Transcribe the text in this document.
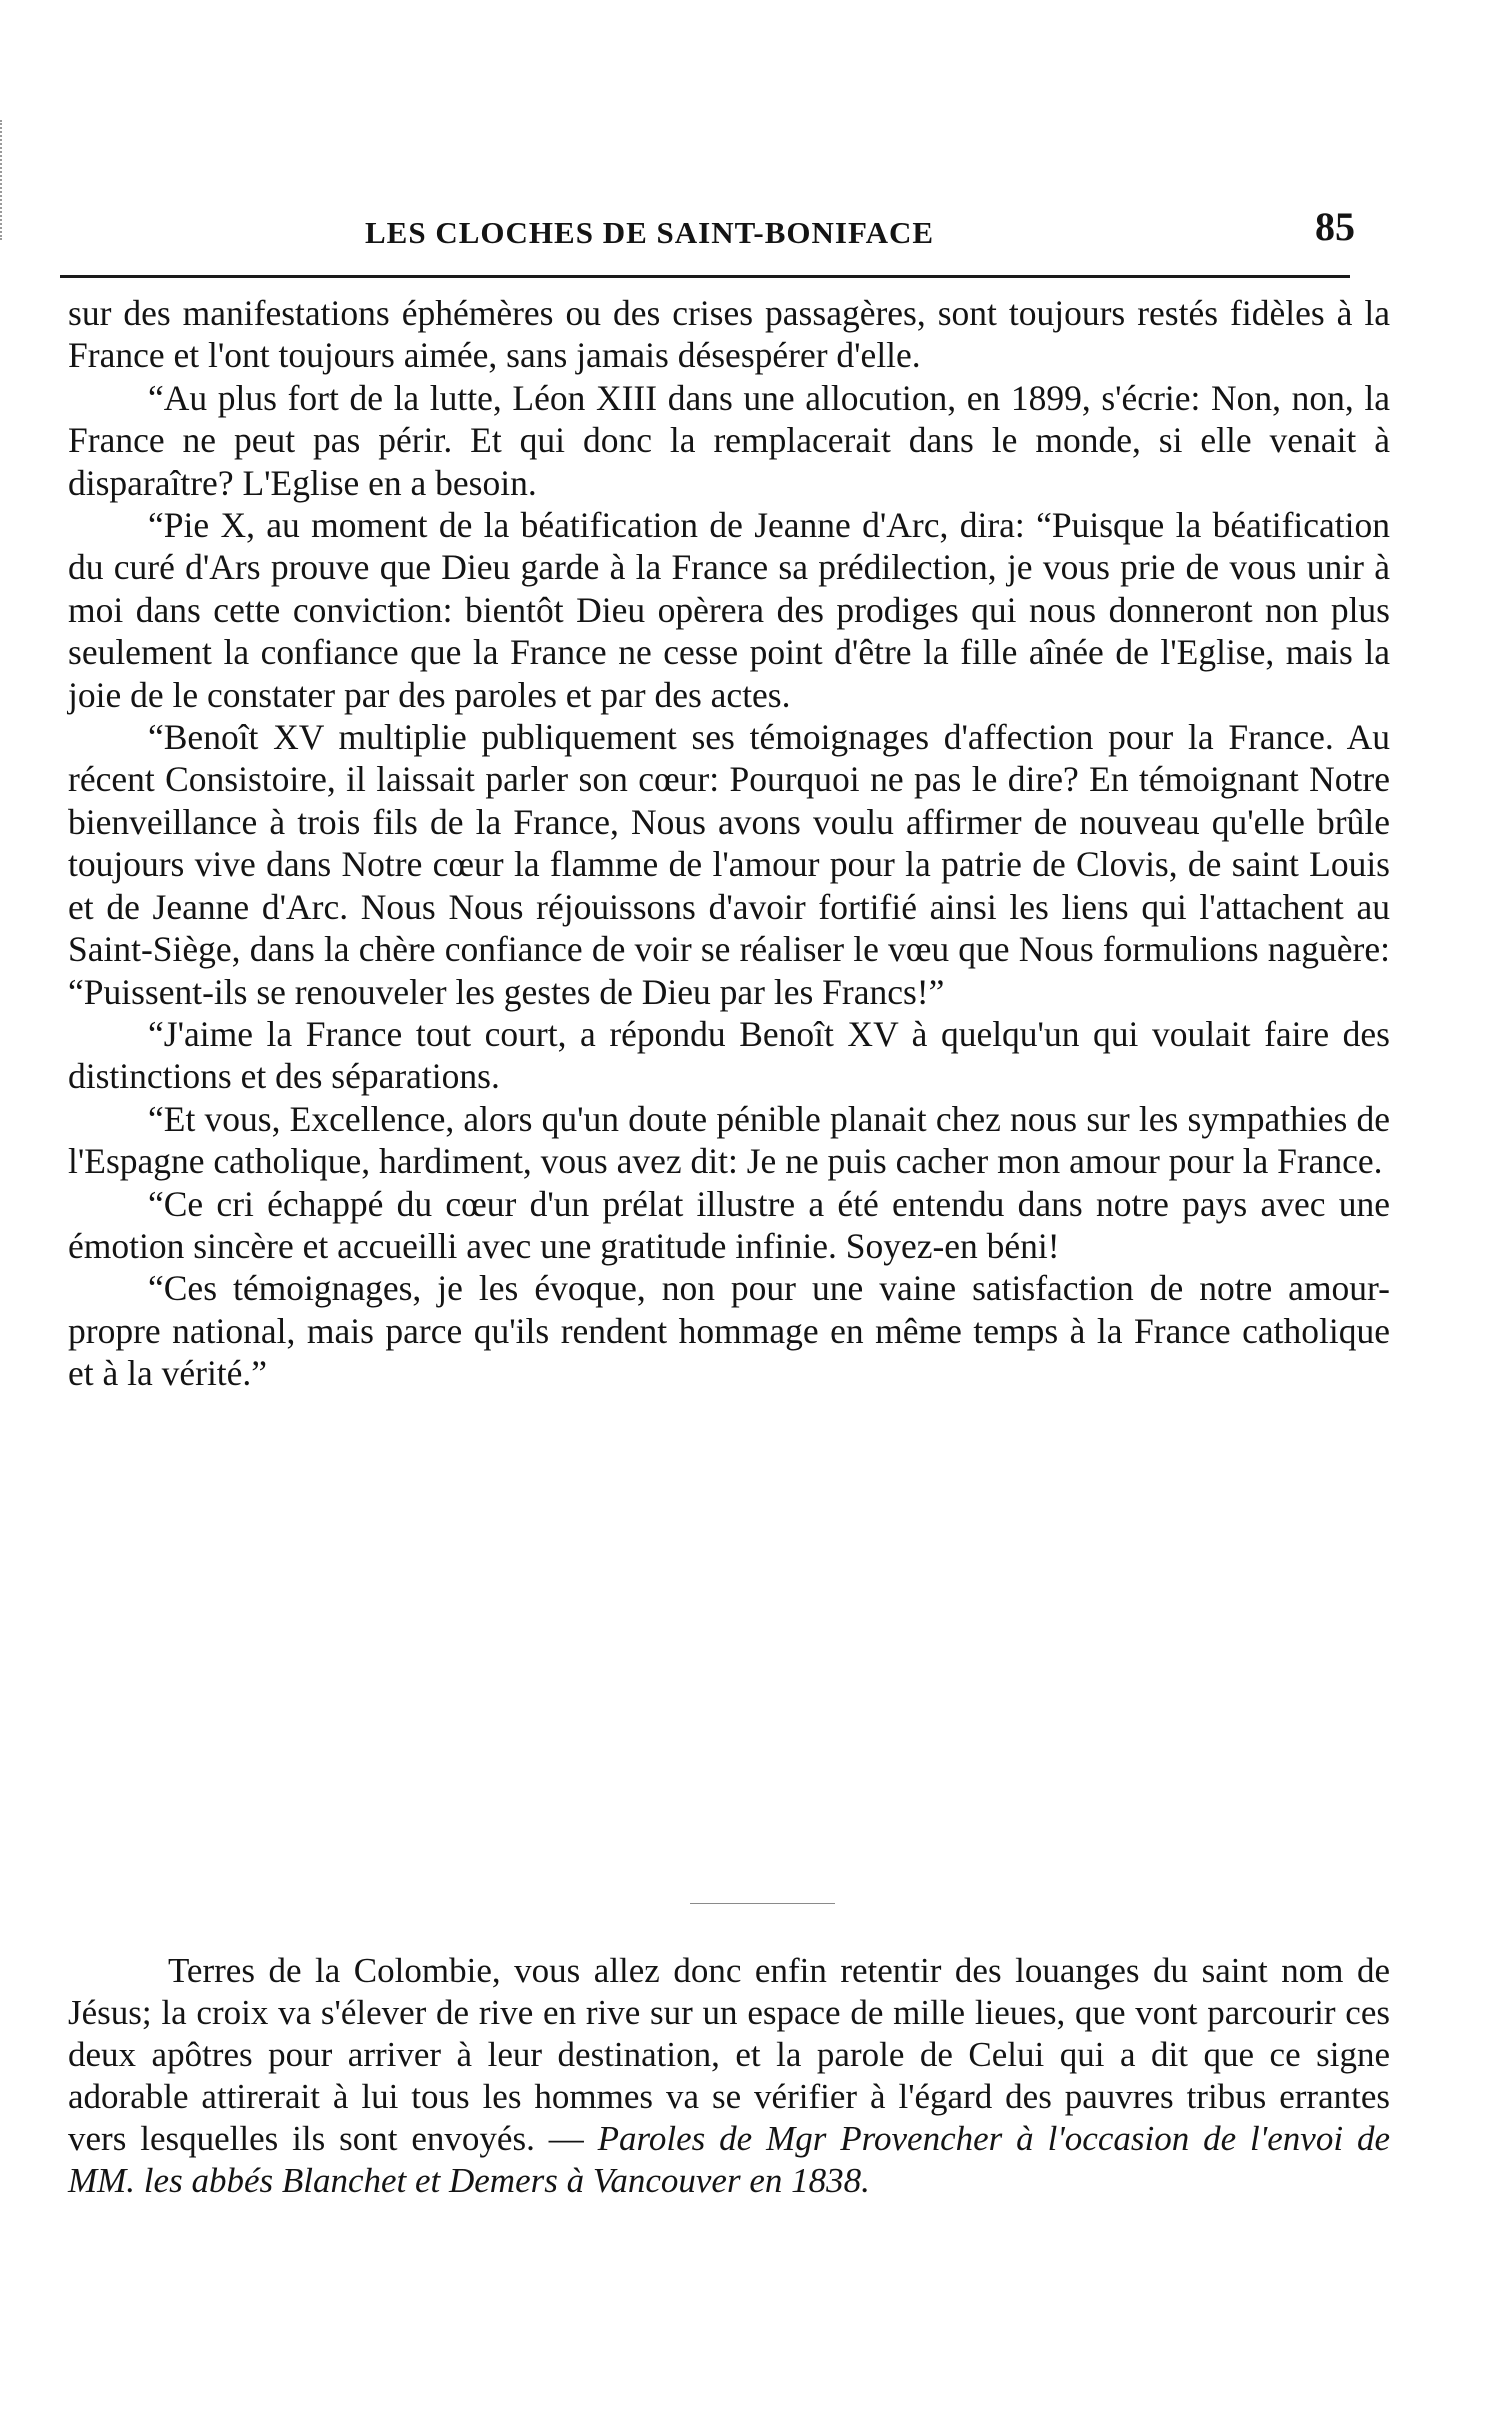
LES CLOCHES DE SAINT-BONIFACE	85

sur des manifestations éphémères ou des crises passagères, sont toujours restés fidèles à la France et l'ont toujours aimée, sans jamais désespérer d'elle.

“Au plus fort de la lutte, Léon XIII dans une allocution, en 1899, s'écrie: Non, non, la France ne peut pas périr. Et qui donc la remplacerait dans le monde, si elle venait à disparaître? L'Eglise en a besoin.

“Pie X, au moment de la béatification de Jeanne d'Arc, dira: “Puisque la béatification du curé d'Ars prouve que Dieu garde à la France sa prédilection, je vous prie de vous unir à moi dans cette conviction: bientôt Dieu opèrera des prodiges qui nous donneront non plus seulement la confiance que la France ne cesse point d'être la fille aînée de l'Eglise, mais la joie de le constater par des paroles et par des actes.

“Benoît XV multiplie publiquement ses témoignages d'affection pour la France. Au récent Consistoire, il laissait parler son cœur: Pourquoi ne pas le dire? En témoignant Notre bienveillance à trois fils de la France, Nous avons voulu affirmer de nouveau qu'elle brûle toujours vive dans Notre cœur la flamme de l'amour pour la patrie de Clovis, de saint Louis et de Jeanne d'Arc. Nous Nous réjouissons d'avoir fortifié ainsi les liens qui l'attachent au Saint-Siège, dans la chère confiance de voir se réaliser le vœu que Nous formulions naguère: “Puissent-ils se renouveler les gestes de Dieu par les Francs!”

“J'aime la France tout court, a répondu Benoît XV à quelqu'un qui voulait faire des distinctions et des séparations.

“Et vous, Excellence, alors qu'un doute pénible planait chez nous sur les sympathies de l'Espagne catholique, hardiment, vous avez dit: Je ne puis cacher mon amour pour la France.

“Ce cri échappé du cœur d'un prélat illustre a été entendu dans notre pays avec une émotion sincère et accueilli avec une gratitude infinie. Soyez-en béni!

“Ces témoignages, je les évoque, non pour une vaine satisfaction de notre amour-propre national, mais parce qu'ils rendent hommage en même temps à la France catholique et à la vérité.”

Terres de la Colombie, vous allez donc enfin retentir des louanges du saint nom de Jésus; la croix va s'élever de rive en rive sur un espace de mille lieues, que vont parcourir ces deux apôtres pour arriver à leur destination, et la parole de Celui qui a dit que ce signe adorable attirerait à lui tous les hommes va se vérifier à l'égard des pauvres tribus errantes vers lesquelles ils sont envoyés. — Paroles de Mgr Provencher à l'occasion de l'envoi de MM. les abbés Blanchet et Demers à Vancouver en 1838.
